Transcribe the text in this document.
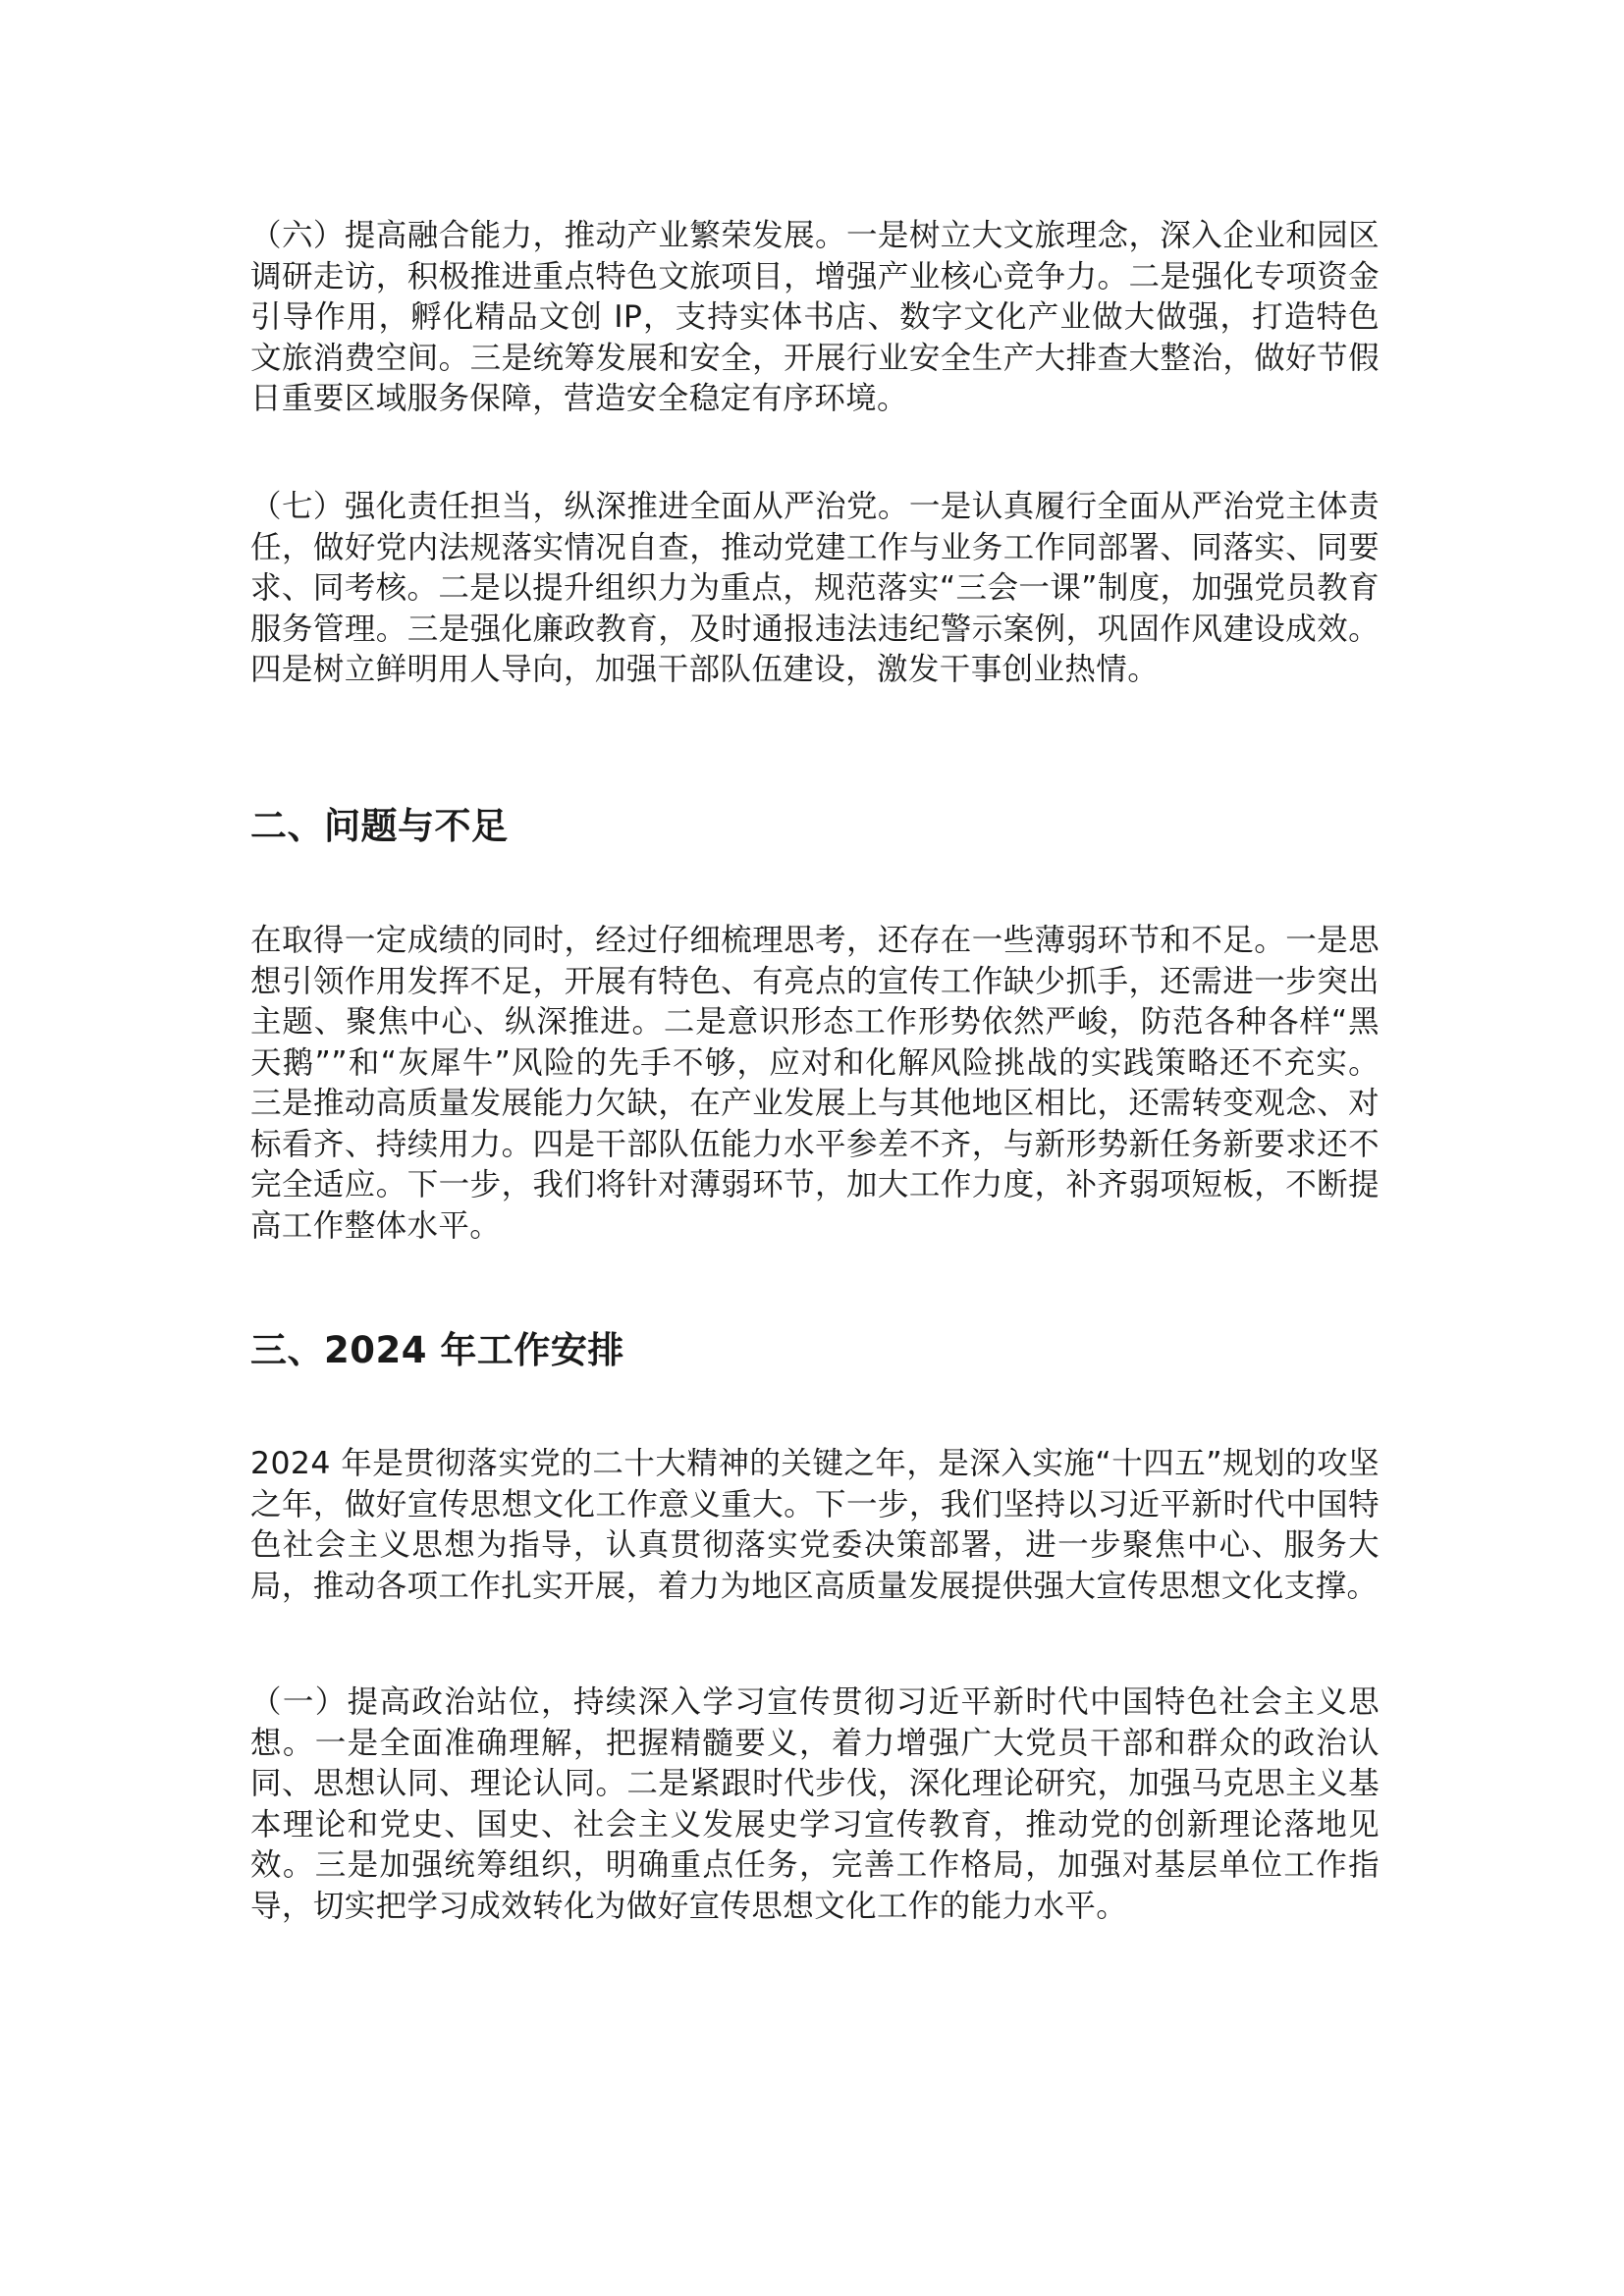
（六）提高融合能力，推动产业繁荣发展。一是树立大文旅理念，深入企业和园区调研走访，积极推进重点特色文旅项目，增强产业核心竞争力。二是强化专项资金引导作用，孵化精品文创 IP，支持实体书店、数字文化产业做大做强，打造特色文旅消费空间。三是统筹发展和安全，开展行业安全生产大排查大整治，做好节假日重要区域服务保障，营造安全稳定有序环境。

（七）强化责任担当，纵深推进全面从严治党。一是认真履行全面从严治党主体责任，做好党内法规落实情况自查，推动党建工作与业务工作同部署、同落实、同要求、同考核。二是以提升组织力为重点，规范落实“三会一课”制度，加强党员教育服务管理。三是强化廉政教育，及时通报违法违纪警示案例，巩固作风建设成效。四是树立鲜明用人导向，加强干部队伍建设，激发干事创业热情。

二、问题与不足

在取得一定成绩的同时，经过仔细梳理思考，还存在一些薄弱环节和不足。一是思想引领作用发挥不足，开展有特色、有亮点的宣传工作缺少抓手，还需进一步突出主题、聚焦中心、纵深推进。二是意识形态工作形势依然严峻，防范各种各样“黑天鹅””和“灰犀牛”风险的先手不够，应对和化解风险挑战的实践策略还不充实。三是推动高质量发展能力欠缺，在产业发展上与其他地区相比，还需转变观念、对标看齐、持续用力。四是干部队伍能力水平参差不齐，与新形势新任务新要求还不完全适应。下一步，我们将针对薄弱环节，加大工作力度，补齐弱项短板，不断提高工作整体水平。

三、2024 年工作安排

2024 年是贯彻落实党的二十大精神的关键之年，是深入实施“十四五”规划的攻坚之年，做好宣传思想文化工作意义重大。下一步，我们坚持以习近平新时代中国特色社会主义思想为指导，认真贯彻落实党委决策部署，进一步聚焦中心、服务大局，推动各项工作扎实开展，着力为地区高质量发展提供强大宣传思想文化支撑。

（一）提高政治站位，持续深入学习宣传贯彻习近平新时代中国特色社会主义思想。一是全面准确理解，把握精髓要义，着力增强广大党员干部和群众的政治认同、思想认同、理论认同。二是紧跟时代步伐，深化理论研究，加强马克思主义基本理论和党史、国史、社会主义发展史学习宣传教育，推动党的创新理论落地见效。三是加强统筹组织，明确重点任务，完善工作格局，加强对基层单位工作指导，切实把学习成效转化为做好宣传思想文化工作的能力水平。
